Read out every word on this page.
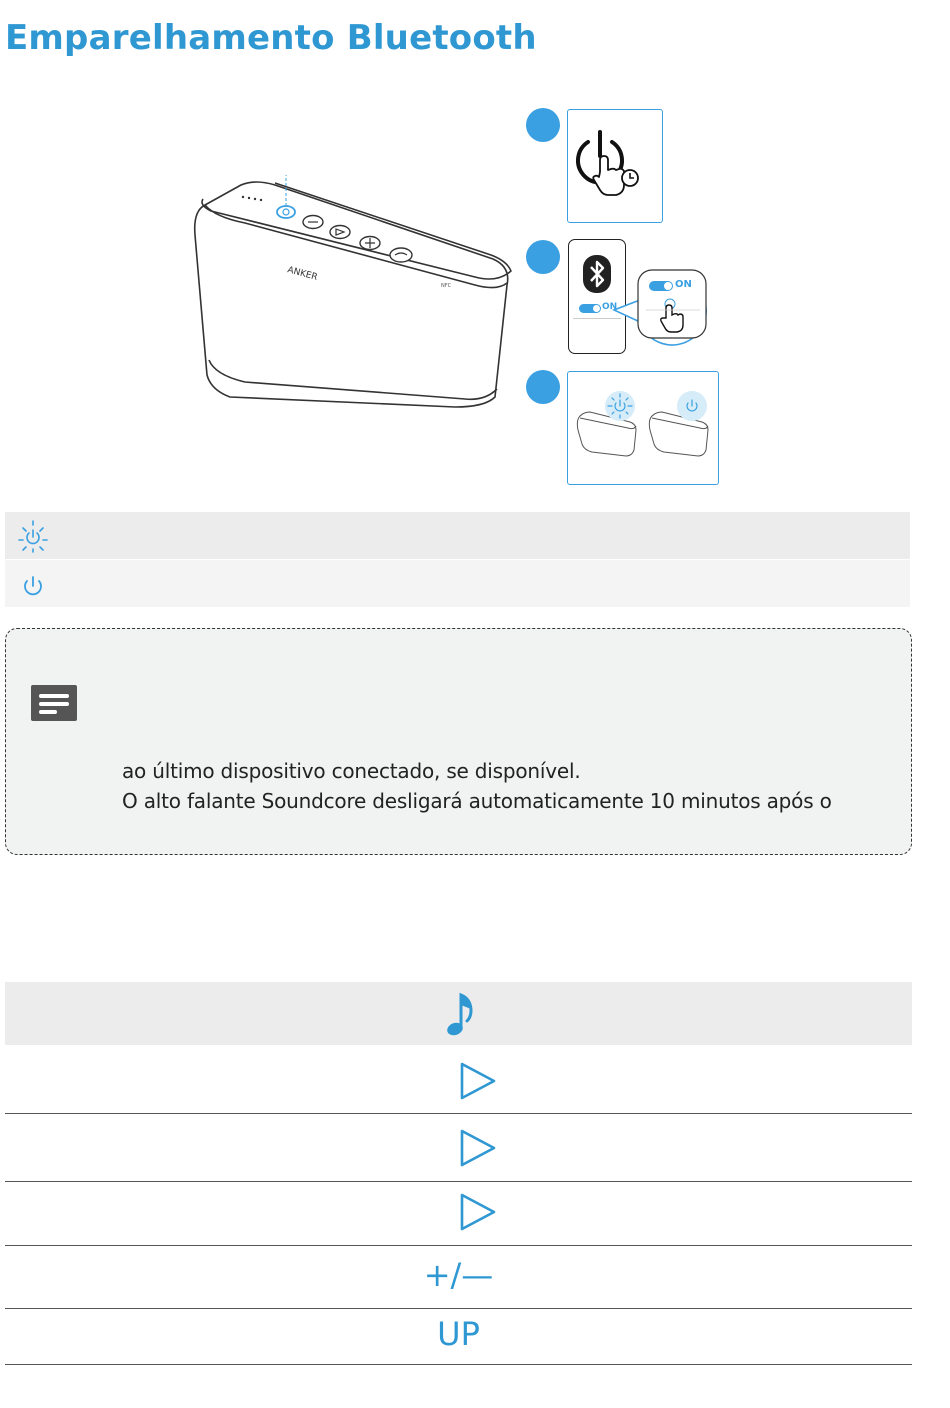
Emparelhamento Bluetooth
ANKER
NFC
ON
ON
ao último dispositivo conectado, se disponível.
O alto falante Soundcore desligará automaticamente 10 minutos após o
+/—
UP
